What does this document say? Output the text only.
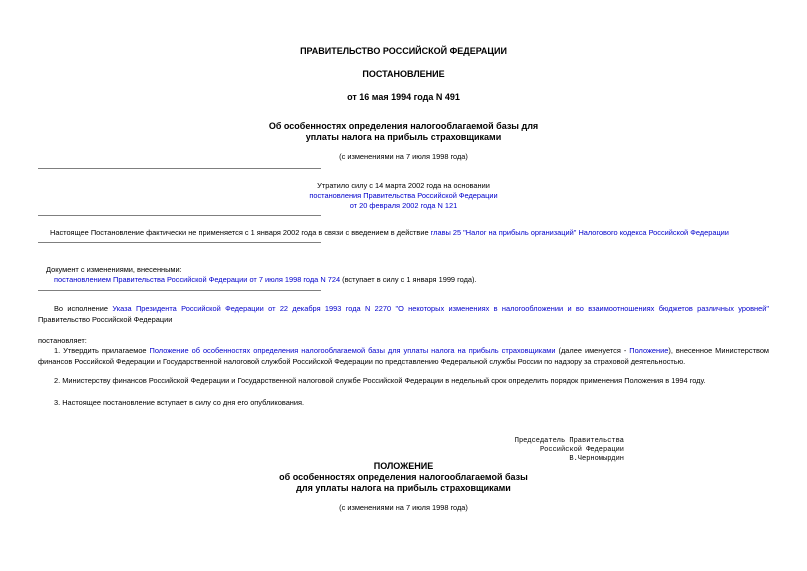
ПРАВИТЕЛЬСТВО РОССИЙСКОЙ ФЕДЕРАЦИИ
ПОСТАНОВЛЕНИЕ
от 16 мая 1994 года N 491
Об особенностях определения налогооблагаемой базы для
уплаты налога на прибыль страховщиками
(с изменениями на 7 июля 1998 года)
Утратило силу с 14 марта 2002 года на основании
постановления Правительства Российской Федерации
от 20 февраля 2002 года N 121
Настоящее Постановление фактически не применяется с 1 января 2002 года в связи с введением в действие главы 25 "Налог на прибыль организаций" Налогового кодекса Российской Федерации
Документ с изменениями, внесенными:
постановлением Правительства Российской Федерации от 7 июля 1998 года N 724 (вступает в силу с 1 января 1999 года).
Во исполнение Указа Президента Российской Федерации от 22 декабря 1993 года N 2270 "О некоторых изменениях в налогообложении и во взаимоотношениях бюджетов различных уровней" Правительство Российской Федерации
постановляет:
1. Утвердить прилагаемое Положение об особенностях определения налогооблагаемой базы для уплаты налога на прибыль страховщиками (далее именуется - Положение), внесенное Министерством финансов Российской Федерации и Государственной налоговой службой Российской Федерации по представлению Федеральной службы России по надзору за страховой деятельностью.
2. Министерству финансов Российской Федерации и Государственной налоговой службе Российской Федерации в недельный срок определить порядок применения Положения в 1994 году.
3. Настоящее постановление вступает в силу со дня его опубликования.
Председатель Правительства
Российской Федерации
В.Черномырдин
ПОЛОЖЕНИЕ
об особенностях определения налогооблагаемой базы
для уплаты налога на прибыль страховщиками
(с изменениями на 7 июля 1998 года)
